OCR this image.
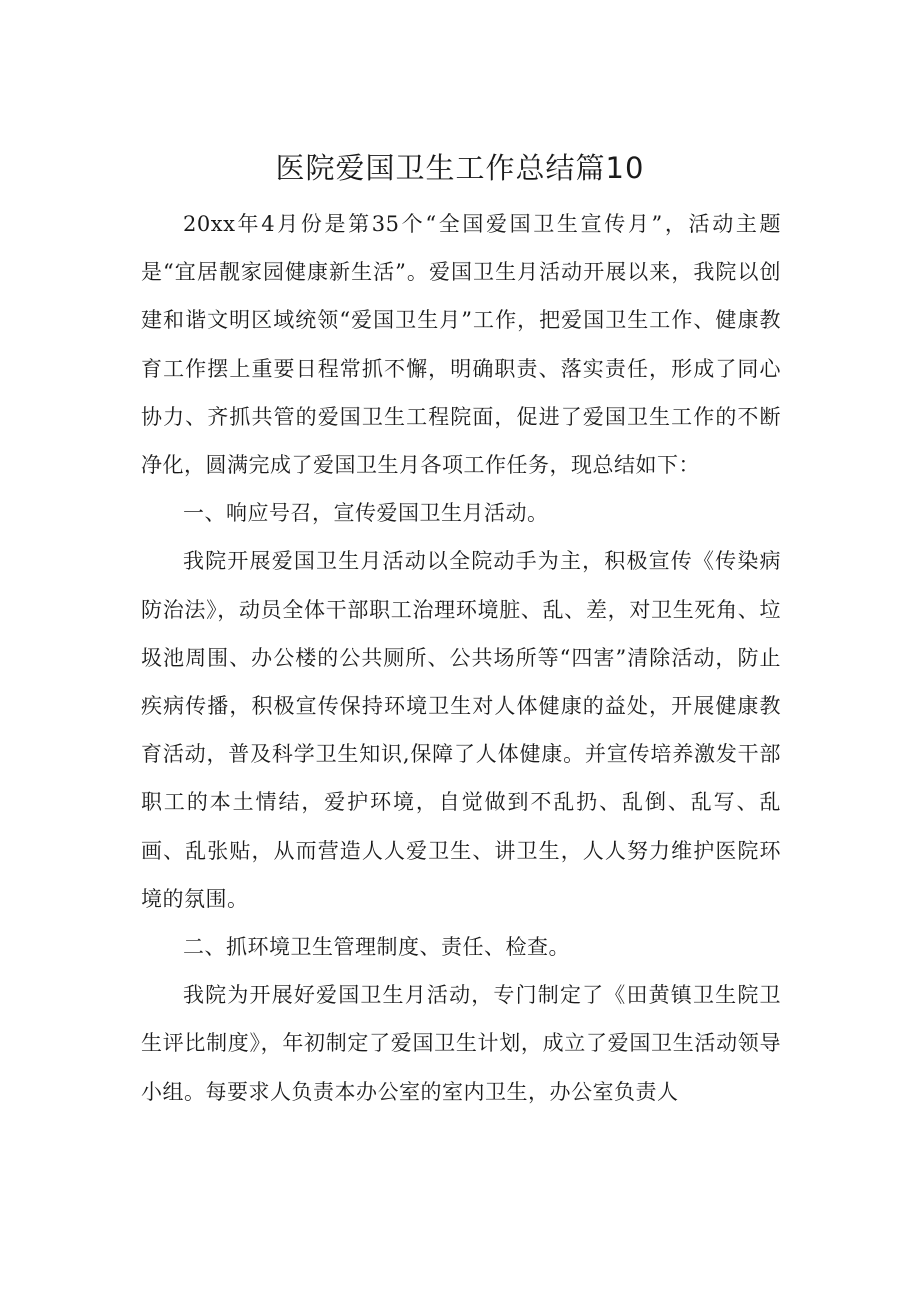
医院爱国卫生工作总结篇10

20xx年4月份是第35个“全国爱国卫生宣传月”，活动主题是“宜居靓家园健康新生活”。爱国卫生月活动开展以来，我院以创建和谐文明区域统领“爱国卫生月”工作，把爱国卫生工作、健康教育工作摆上重要日程常抓不懈，明确职责、落实责任，形成了同心协力、齐抓共管的爱国卫生工程院面，促进了爱国卫生工作的不断净化，圆满完成了爱国卫生月各项工作任务，现总结如下：

一、响应号召，宣传爱国卫生月活动。

我院开展爱国卫生月活动以全院动手为主，积极宣传《传染病防治法》，动员全体干部职工治理环境脏、乱、差，对卫生死角、垃圾池周围、办公楼的公共厕所、公共场所等“四害”清除活动，防止疾病传播，积极宣传保持环境卫生对人体健康的益处，开展健康教育活动，普及科学卫生知识,保障了人体健康。并宣传培养激发干部职工的本土情结，爱护环境，自觉做到不乱扔、乱倒、乱写、乱画、乱张贴，从而营造人人爱卫生、讲卫生，人人努力维护医院环境的氛围。

二、抓环境卫生管理制度、责任、检查。

我院为开展好爱国卫生月活动，专门制定了《田黄镇卫生院卫生评比制度》，年初制定了爱国卫生计划，成立了爱国卫生活动领导小组。每要求人负责本办公室的室内卫生，办公室负责人
